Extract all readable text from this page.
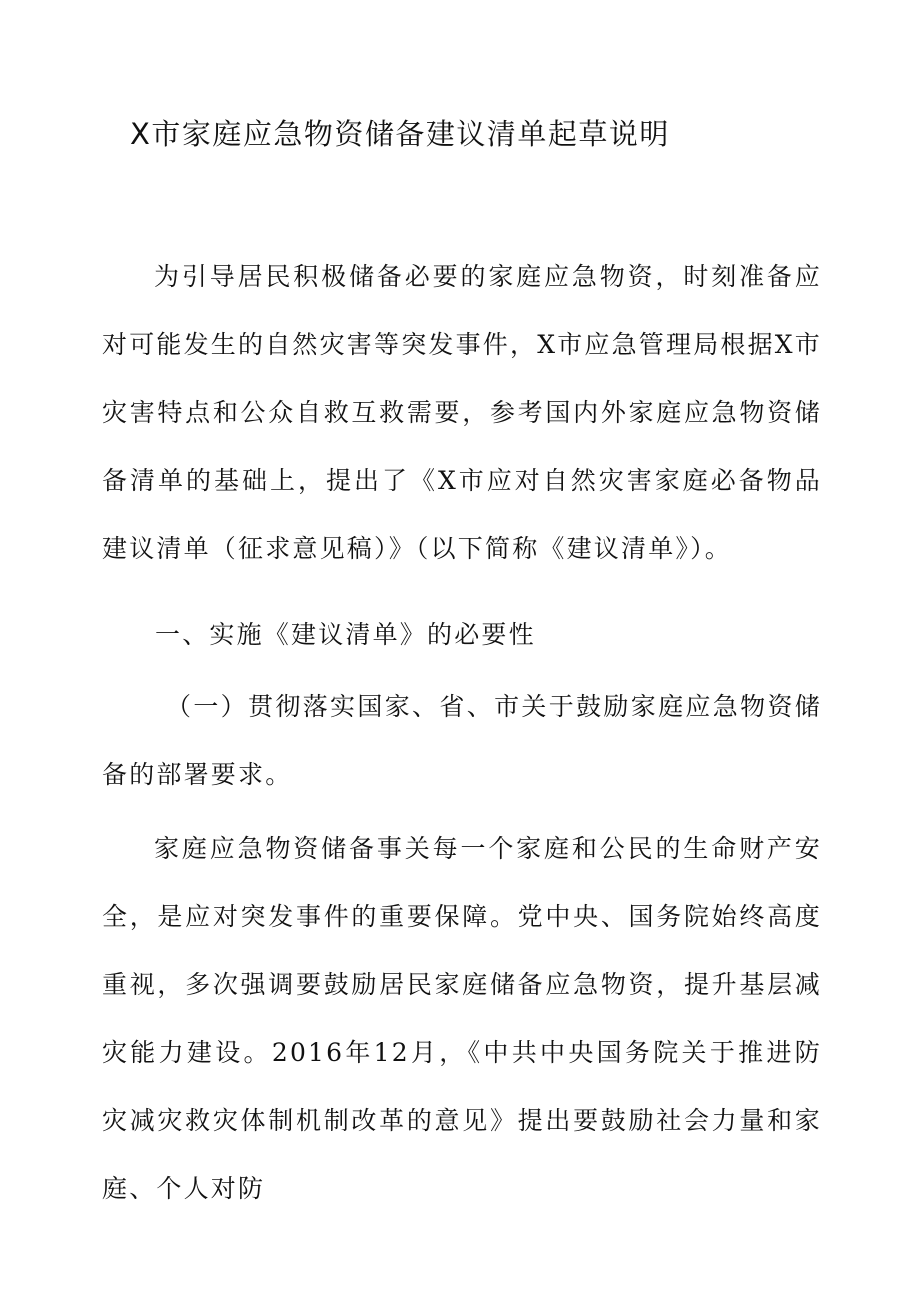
X市家庭应急物资储备建议清单起草说明
为引导居民积极储备必要的家庭应急物资，时刻准备应对可能发生的自然灾害等突发事件，X市应急管理局根据X市灾害特点和公众自救互救需要，参考国内外家庭应急物资储备清单的基础上，提出了《X市应对自然灾害家庭必备物品建议清单（征求意见稿）》（以下简称《建议清单》）。
一、实施《建议清单》的必要性
（一）贯彻落实国家、省、市关于鼓励家庭应急物资储备的部署要求。
家庭应急物资储备事关每一个家庭和公民的生命财产安全，是应对突发事件的重要保障。党中央、国务院始终高度重视，多次强调要鼓励居民家庭储备应急物资，提升基层减灾能力建设。2016年12月，《中共中央国务院关于推进防灾减灾救灾体制机制改革的意见》提出要鼓励社会力量和家庭、个人对防
